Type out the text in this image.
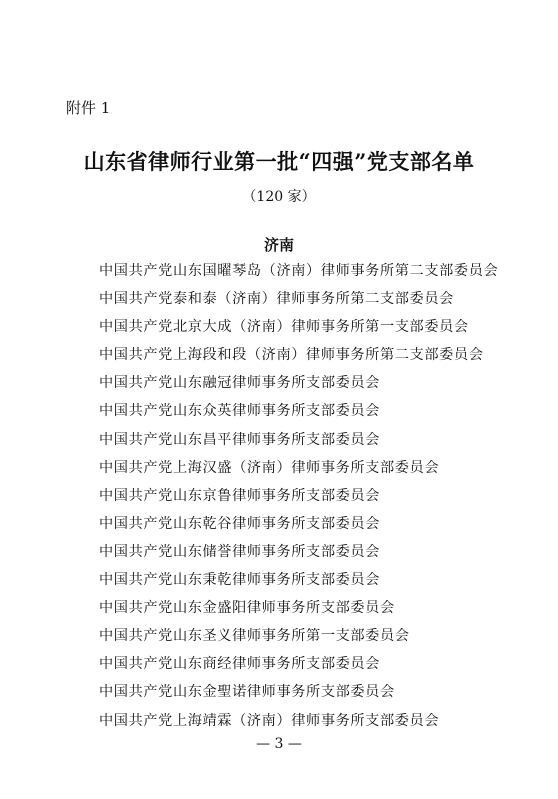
附件 1
山东省律师行业第一批“四强”党支部名单
（120 家）
济南
中国共产党山东国曜琴岛（济南）律师事务所第二支部委员会
中国共产党泰和泰（济南）律师事务所第二支部委员会
中国共产党北京大成（济南）律师事务所第一支部委员会
中国共产党上海段和段（济南）律师事务所第二支部委员会
中国共产党山东融冠律师事务所支部委员会
中国共产党山东众英律师事务所支部委员会
中国共产党山东昌平律师事务所支部委员会
中国共产党上海汉盛（济南）律师事务所支部委员会
中国共产党山东京鲁律师事务所支部委员会
中国共产党山东乾谷律师事务所支部委员会
中国共产党山东储誉律师事务所支部委员会
中国共产党山东秉乾律师事务所支部委员会
中国共产党山东金盛阳律师事务所支部委员会
中国共产党山东圣义律师事务所第一支部委员会
中国共产党山东商经律师事务所支部委员会
中国共产党山东金聖诺律师事务所支部委员会
中国共产党上海靖霖（济南）律师事务所支部委员会
— 3 —
